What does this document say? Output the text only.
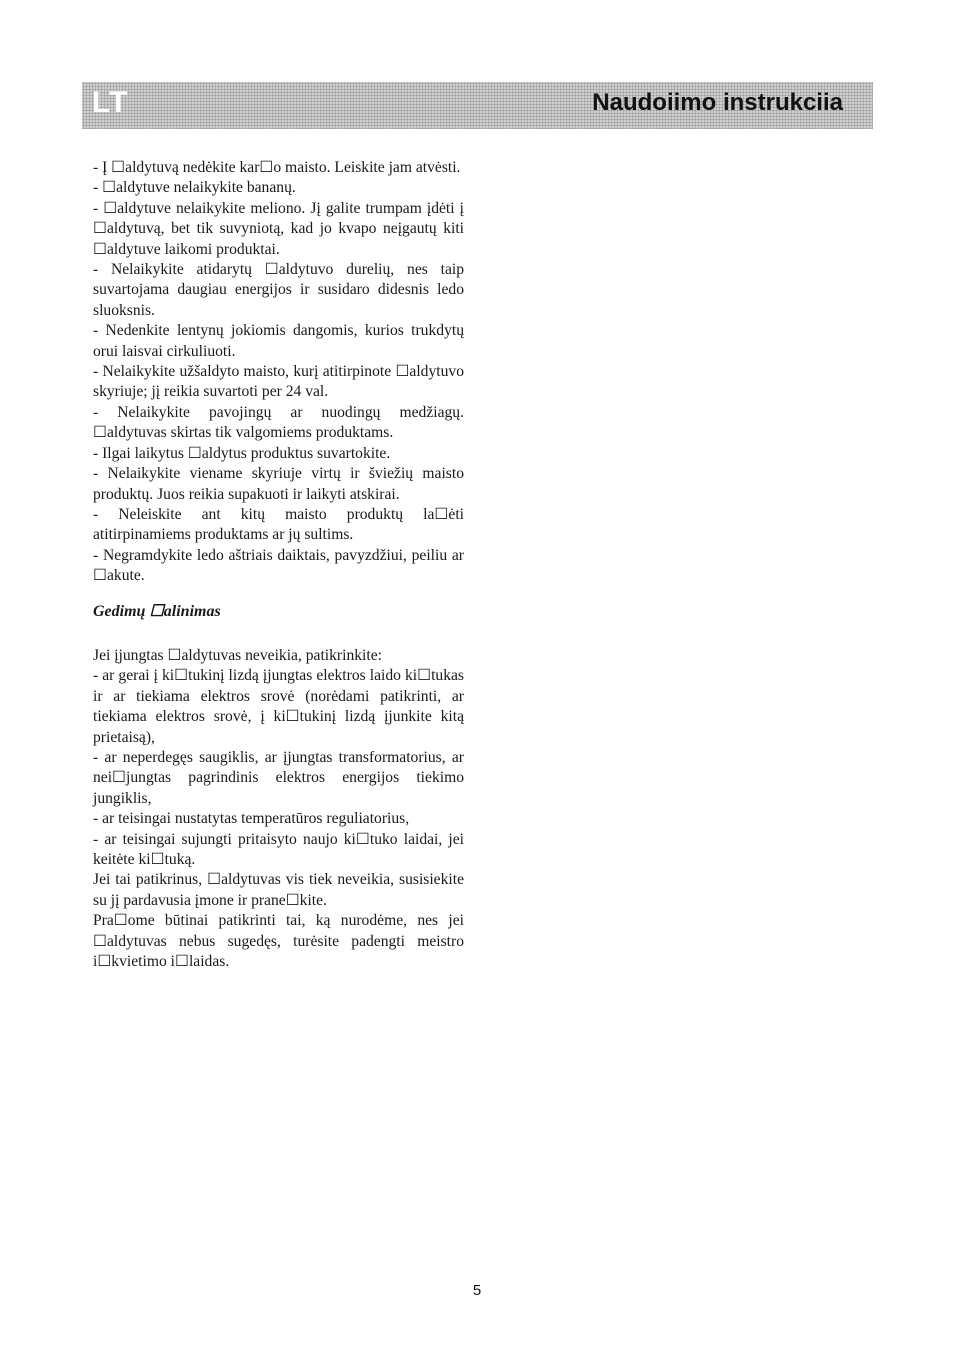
LT	Naudoiimo instrukciia

- Į ☐aldytuvą nedėkite kar☐o maisto. Leiskite jam atvėsti.

- ☐aldytuve nelaikykite bananų.

- ☐aldytuve nelaikykite meliono. Jį galite trumpam įdėti į ☐aldytuvą, bet tik suvyniotą, kad jo kvapo neįgautų kiti ☐aldytuve laikomi produktai.

- Nelaikykite atidarytų ☐aldytuvo durelių, nes taip suvartojama daugiau energijos ir susidaro didesnis ledo sluoksnis.

- Nedenkite lentynų jokiomis dangomis, kurios trukdytų orui laisvai cirkuliuoti.

- Nelaikykite užšaldyto maisto, kurį atitirpinote ☐aldytuvo skyriuje; jį reikia suvartoti per 24 val.

- Nelaikykite pavojingų ar nuodingų medžiagų. ☐aldytuvas skirtas tik valgomiems produktams.

- Ilgai laikytus ☐aldytus produktus suvartokite.

- Nelaikykite viename skyriuje virtų ir šviežių maisto produktų. Juos reikia supakuoti ir laikyti atskirai.

- Neleiskite ant kitų maisto produktų la☐ėti atitirpinamiems produktams ar jų sultims.

- Negramdykite ledo aštriais daiktais, pavyzdžiui, peiliu ar ☐akute.

Gedimų ☐alinimas

Jei įjungtas ☐aldytuvas neveikia, patikrinkite:

- ar gerai į ki☐tukinį lizdą įjungtas elektros laido ki☐tukas ir ar tiekiama elektros srovė (norėdami patikrinti, ar tiekiama elektros srovė, į ki☐tukinį lizdą įjunkite kitą prietaisą),

- ar neperdegęs saugiklis, ar įjungtas transformatorius, ar nei☐jungtas pagrindinis elektros energijos tiekimo jungiklis,

- ar teisingai nustatytas temperatūros reguliatorius,

- ar teisingai sujungti pritaisyto naujo ki☐tuko laidai, jei keitėte ki☐tuką.

Jei tai patikrinus, ☐aldytuvas vis tiek neveikia, susisiekite su jį pardavusia įmone ir prane☐kite.

Pra☐ome būtinai patikrinti tai, ką nurodėme, nes jei ☐aldytuvas nebus sugedęs, turėsite padengti meistro i☐kvietimo i☐laidas.

5
